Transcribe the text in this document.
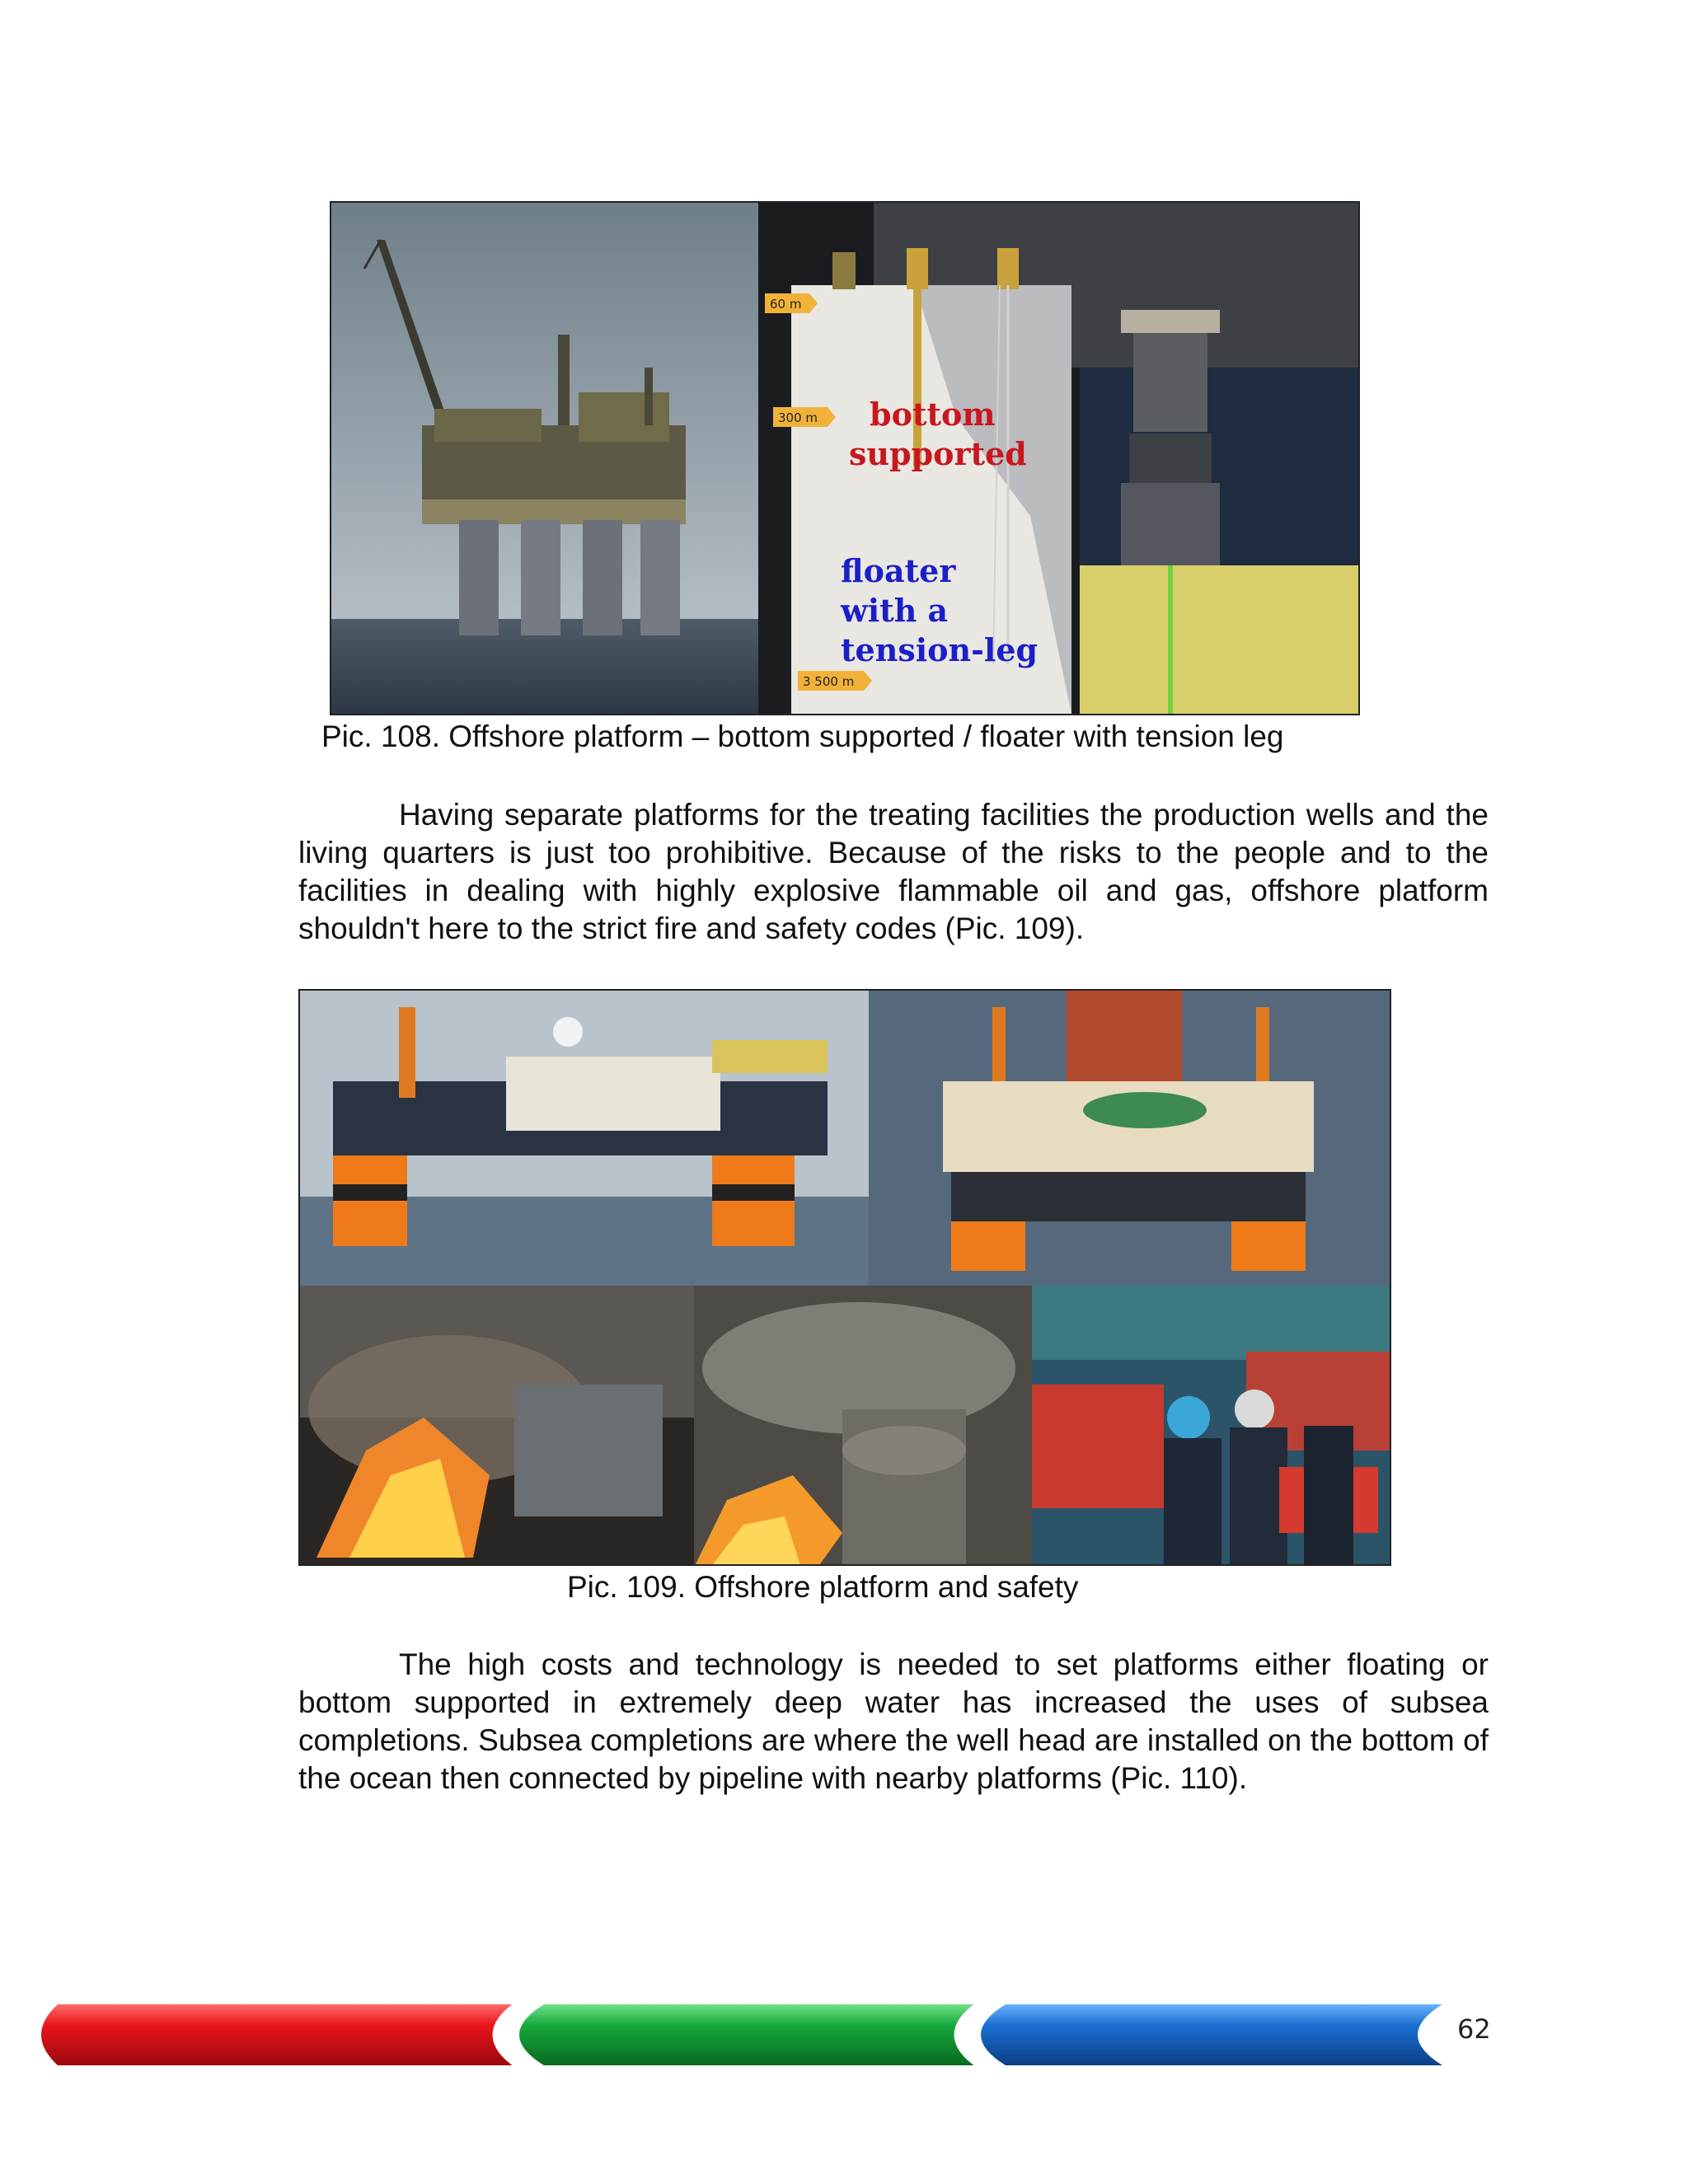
60 m
300 m
3 500 m
bottom
supported
floater
with a
tension-leg
Pic. 108. Offshore platform – bottom supported / floater with tension leg

Having separate platforms for the treating facilities the production wells and the living quarters is just too prohibitive. Because of the risks to the people and to the facilities in dealing with highly explosive flammable oil and gas, offshore platform shouldn't here to the strict fire and safety codes (Pic. 109).

Pic. 109. Offshore platform and safety

The high costs and technology is needed to set platforms either floating or bottom supported in extremely deep water has increased the uses of subsea completions. Subsea completions are where the well head are installed on the bottom of the ocean then connected by pipeline with nearby platforms (Pic. 110).

62
